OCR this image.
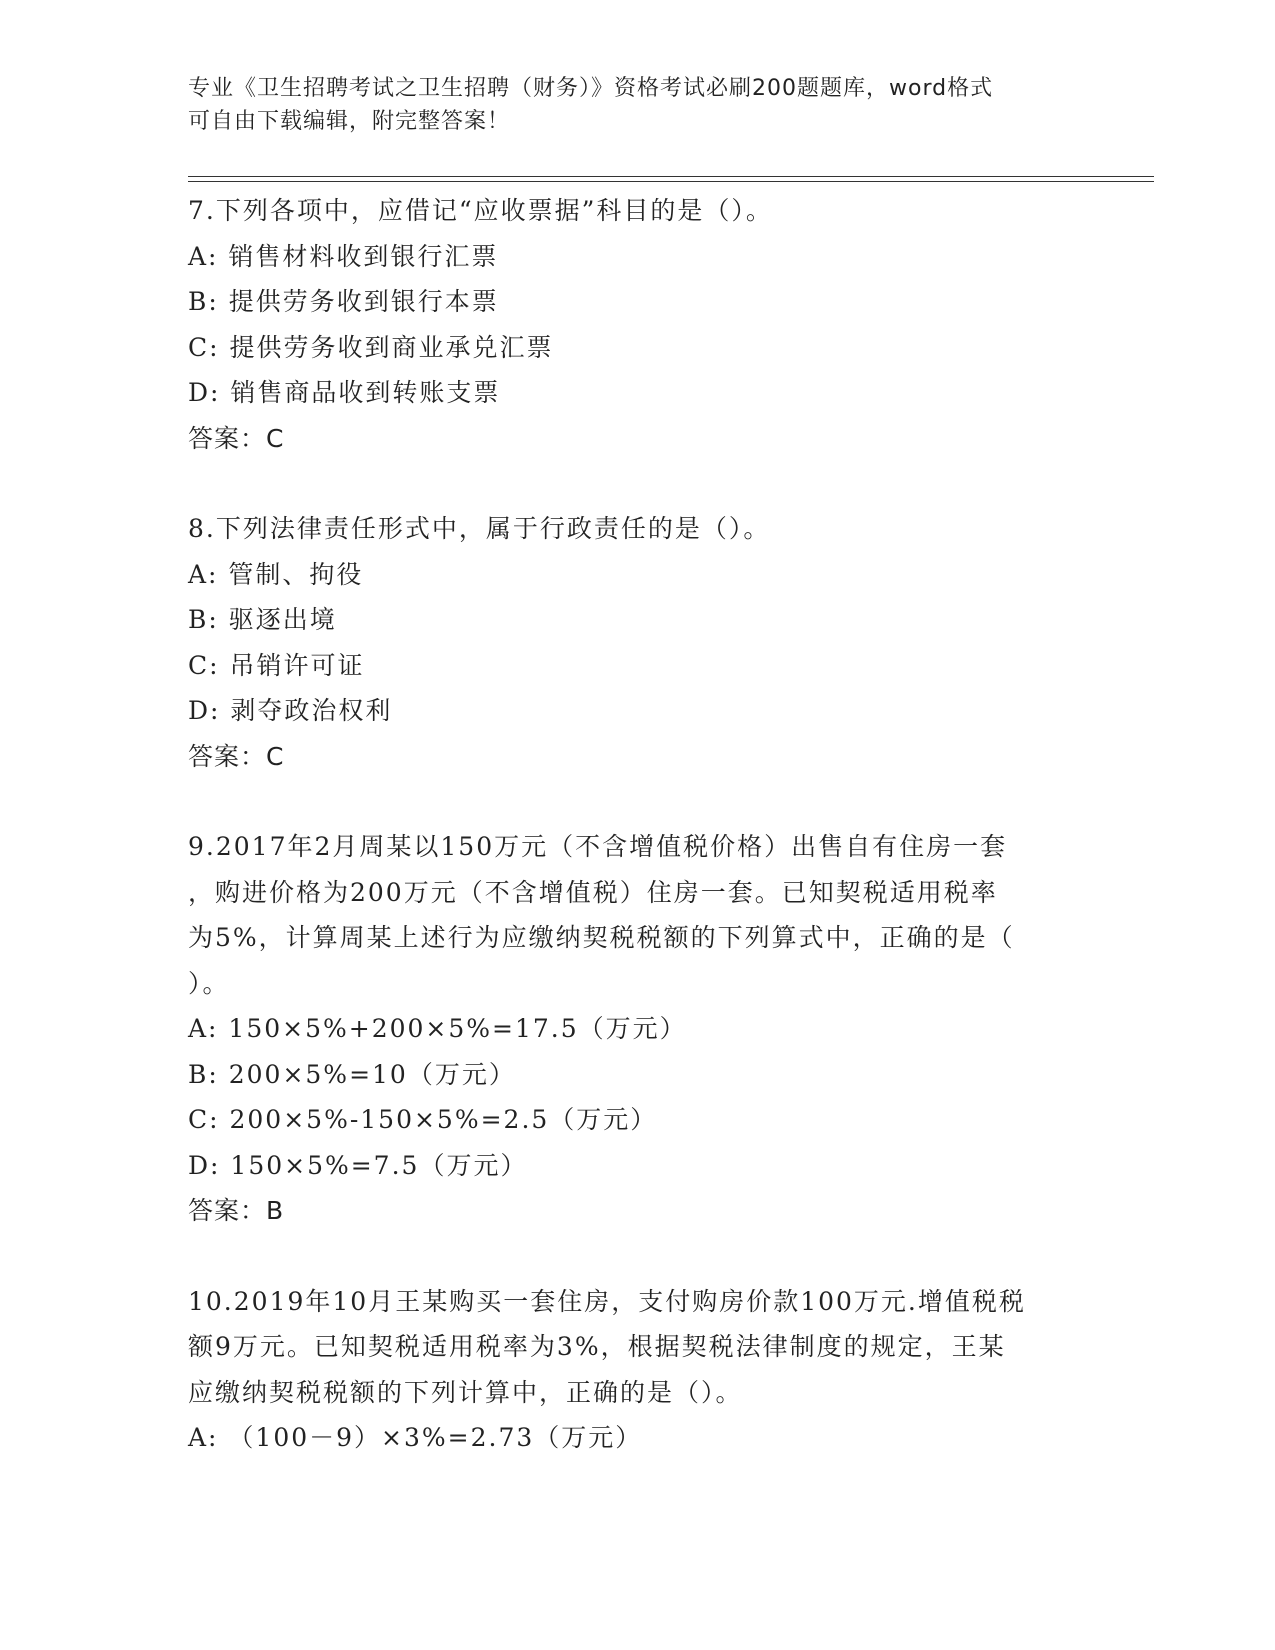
专业《卫生招聘考试之卫生招聘（财务）》资格考试必刷200题题库，word格式
可自由下载编辑，附完整答案！
7.下列各项中，应借记“应收票据”科目的是（）。
A: 销售材料收到银行汇票
B: 提供劳务收到银行本票
C: 提供劳务收到商业承兑汇票
D: 销售商品收到转账支票
答案：C
8.下列法律责任形式中，属于行政责任的是（）。
A: 管制、拘役
B: 驱逐出境
C: 吊销许可证
D: 剥夺政治权利
答案：C
9.2017年2月周某以150万元（不含增值税价格）出售自有住房一套
，购进价格为200万元（不含增值税）住房一套。已知契税适用税率
为5%，计算周某上述行为应缴纳契税税额的下列算式中，正确的是（
）。
A: 150×5%+200×5%=17.5（万元）
B: 200×5%=10（万元）
C: 200×5%-150×5%=2.5（万元）
D: 150×5%=7.5（万元）
答案：B
10.2019年10月王某购买一套住房，支付购房价款100万元.增值税税
额9万元。已知契税适用税率为3%，根据契税法律制度的规定，王某
应缴纳契税税额的下列计算中，正确的是（）。
A: （100－9）×3%=2.73（万元）
